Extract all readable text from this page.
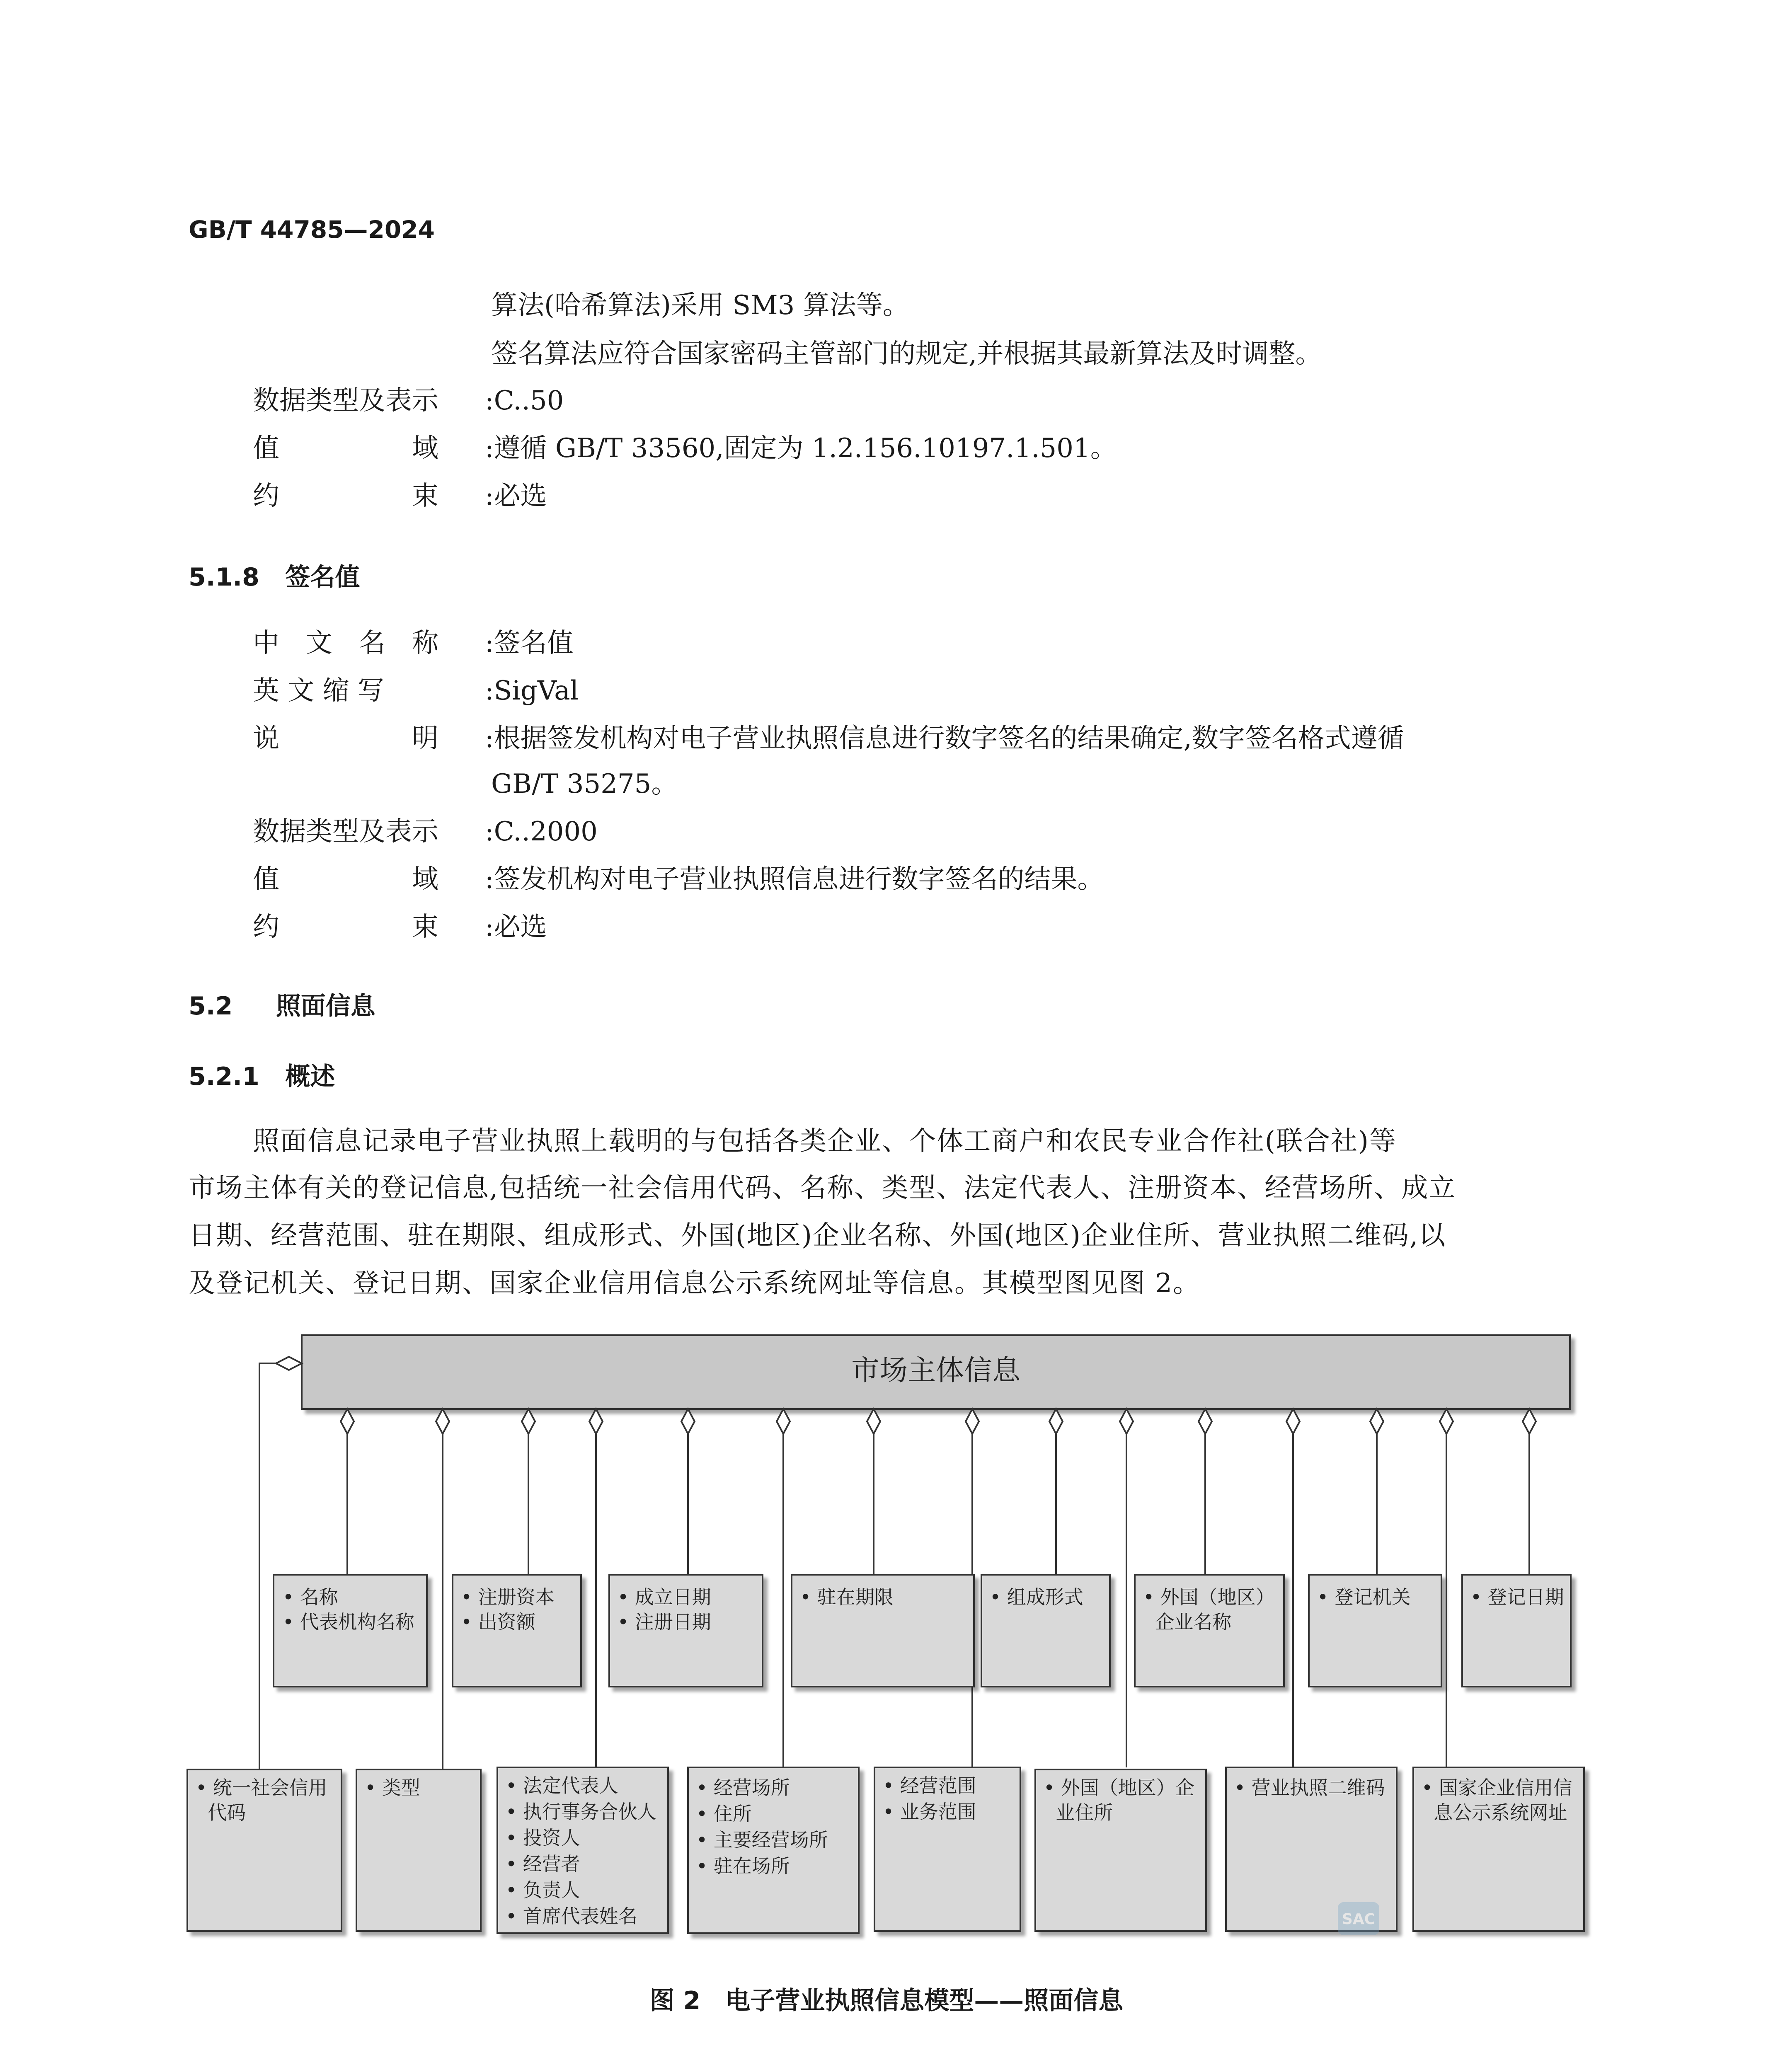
GB/T 44785—2024
算法(哈希算法)采用 SM3 算法等。
签名算法应符合国家密码主管部门的规定,并根据其最新算法及时调整。
数据类型及表示 :C..50
值　　　　　域 :遵循 GB/T 33560,固定为 1.2.156.10197.1.501。
约　　　　　束 :必选
5.1.8 签名值
中　文　名　称 :签名值
英 文 缩 写	:SigVal
说　　　　　明 :根据签发机构对电子营业执照信息进行数字签名的结果确定,数字签名格式遵循
GB/T 35275。
数据类型及表示 :C..2000
值　　　　　域 :签发机构对电子营业执照信息进行数字签名的结果。
约　　　　　束 :必选
5.2 照面信息
5.2.1 概述
照面信息记录电子营业执照上载明的与包括各类企业、个体工商户和农民专业合作社(联合社)等
市场主体有关的登记信息,包括统一社会信用代码、名称、类型、法定代表人、注册资本、经营场所、成立
日期、经营范围、驻在期限、组成形式、外国(地区)企业名称、外国(地区)企业住所、营业执照二维码,以
及登记机关、登记日期、国家企业信用信息公示系统网址等信息。其模型图见图 2。
市场主体信息
• 名称
• 代表机构名称
• 注册资本
• 出资额
• 成立日期
• 注册日期
• 驻在期限	• 组成形式	• 外国（地区）
企业名称
• 登记机关	• 登记日期
• 统一社会信用
代码
• 类型	• 法定代表人
• 执行事务合伙人
• 投资人
• 经营者
• 负责人
• 首席代表姓名
• 经营场所
• 住所
• 主要经营场所
• 驻在场所
• 经营范围
• 业务范围
• 外国（地区）企
业住所
• 营业执照二维码 • 国家企业信用信
息公示系统网址
SAC
图 2　电子营业执照信息模型——照面信息
